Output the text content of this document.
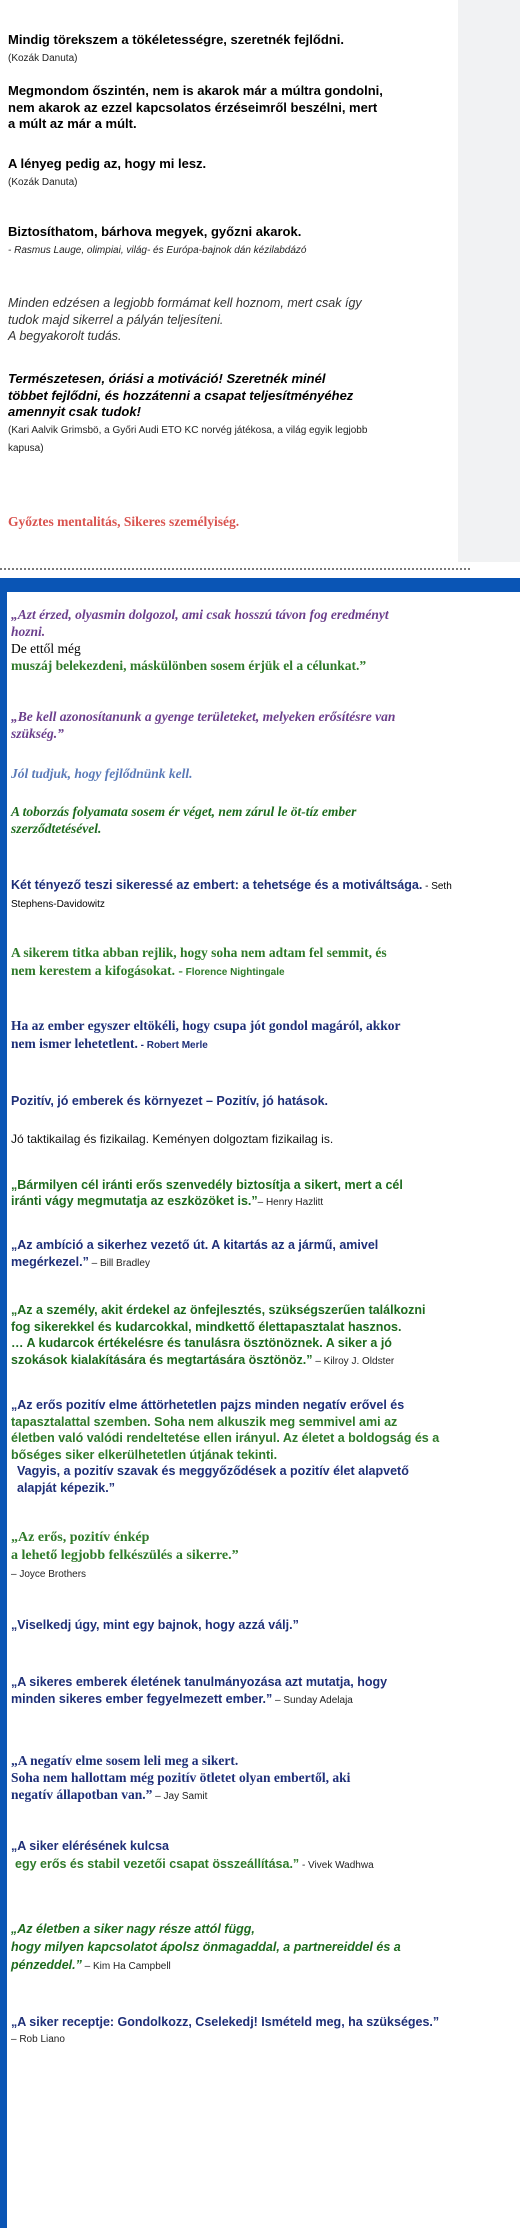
Mindig törekszem a tökéletességre, szeretnék fejlődni.
(Kozák Danuta)

Megmondom őszintén, nem is akarok már a múltra gondolni,
nem akarok az ezzel kapcsolatos érzéseimről beszélni, mert
a múlt az már a múlt.

A lényeg pedig az, hogy mi lesz.
(Kozák Danuta)

Biztosíthatom, bárhova megyek, győzni akarok.
- Rasmus Lauge, olimpiai, világ- és Európa-bajnok dán kézilabdázó

Minden edzésen a legjobb formámat kell hoznom, mert csak így
tudok majd sikerrel a pályán teljesíteni.
A begyakorolt tudás.

Természetesen, óriási a motiváció! Szeretnék minél
többet fejlődni, és hozzátenni a csapat teljesítményéhez
amennyit csak tudok!
(Kari Aalvik Grimsbö, a Győri Audi ETO KC norvég játékosa, a világ egyik legjobb
kapusa)

Győztes mentalitás, Sikeres személyiség.

„Azt érzed, olyasmin dolgozol, ami csak hosszú távon fog eredményt
hozni.
De ettől még
muszáj belekezdeni, máskülönben sosem érjük el a célunkat.”

„Be kell azonosítanunk a gyenge területeket, melyeken erősítésre van
szükség.”

Jól tudjuk, hogy fejlődnünk kell.

A toborzás folyamata sosem ér véget, nem zárul le öt-tíz ember
szerződtetésével.

Két tényező teszi sikeressé az embert: a tehetsége és a motiváltsága. - Seth
Stephens-Davidowitz

A sikerem titka abban rejlik, hogy soha nem adtam fel semmit, és
nem kerestem a kifogásokat. - Florence Nightingale

Ha az ember egyszer eltökéli, hogy csupa jót gondol magáról, akkor
nem ismer lehetetlent. - Robert Merle

Pozitív, jó emberek és környezet – Pozitív, jó hatások.

Jó taktikailag és fizikailag. Keményen dolgoztam fizikailag is.

„Bármilyen cél iránti erős szenvedély biztosítja a sikert, mert a cél
iránti vágy megmutatja az eszközöket is.”– Henry Hazlitt

„Az ambíció a sikerhez vezető út. A kitartás az a jármű, amivel
megérkezel.” – Bill Bradley

„Az a személy, akit érdekel az önfejlesztés, szükségszerűen találkozni
fog sikerekkel és kudarcokkal, mindkettő élettapasztalat hasznos.
… A kudarcok értékelésre és tanulásra ösztönöznek. A siker a jó
szokások kialakítására és megtartására ösztönöz.” – Kilroy J. Oldster

„Az erős pozitív elme áttörhetetlen pajzs minden negatív erővel és
tapasztalattal szemben. Soha nem alkuszik meg semmivel ami az
életben való valódi rendeltetése ellen irányul. Az életet a boldogság és a
bőséges siker elkerülhetetlen útjának tekinti.
Vagyis, a pozitív szavak és meggyőződések a pozitív élet alapvető
alapját képezik.”

„Az erős, pozitív énkép
a lehető legjobb felkészülés a sikerre.”
– Joyce Brothers

„Viselkedj úgy, mint egy bajnok, hogy azzá válj.”

„A sikeres emberek életének tanulmányozása azt mutatja, hogy
minden sikeres ember fegyelmezett ember.” – Sunday Adelaja

„A negatív elme sosem leli meg a sikert.
Soha nem hallottam még pozitív ötletet olyan embertől, aki
negatív állapotban van.” – Jay Samit

„A siker elérésének kulcsa
egy erős és stabil vezetői csapat összeállítása.” - Vivek Wadhwa

„Az életben a siker nagy része attól függ,
hogy milyen kapcsolatot ápolsz önmagaddal, a partnereiddel és a
pénzeddel.” – Kim Ha Campbell

„A siker receptje: Gondolkozz, Cselekedj! Ismételd meg, ha szükséges.”
– Rob Liano
